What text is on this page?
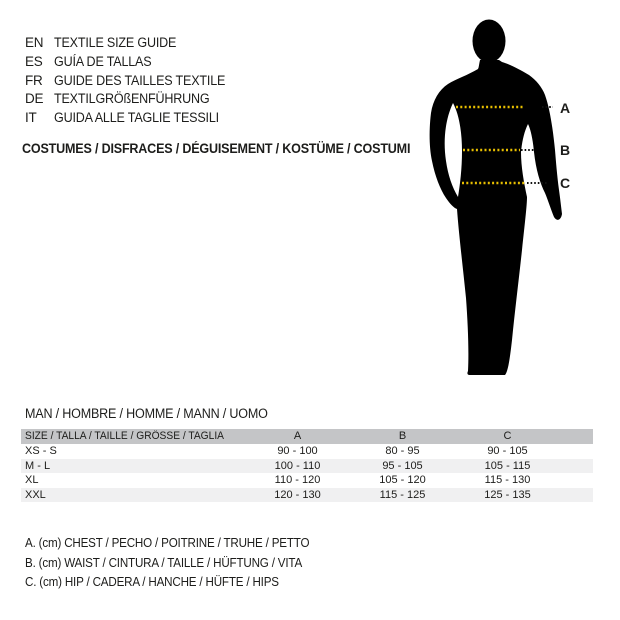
A
B
C
EN TEXTILE SIZE GUIDE
ES GUÍA DE TALLAS
FR GUIDE DES TAILLES TEXTILE
DE TEXTILGRÖßENFÜHRUNG
IT GUIDA ALLE TAGLIE TESSILI
COSTUMES / DISFRACES / DÉGUISEMENT / KOSTÜME / COSTUMI
MAN / HOMBRE / HOMME / MANN / UOMO
SIZE / TALLA / TAILLE / GRÖSSE / TAGLIA	A	B	C
XS - S	90 - 100	80 - 95	90 - 105
M - L	100 - 110	95 - 105	105 - 115
XL	110 - 120	105 - 120	115 - 130
XXL	120 - 130	115 - 125	125 - 135
A. (cm) CHEST / PECHO / POITRINE / TRUHE / PETTO
B. (cm) WAIST / CINTURA / TAILLE / HÜFTUNG / VITA
C. (cm) HIP / CADERA / HANCHE / HÜFTE / HIPS
